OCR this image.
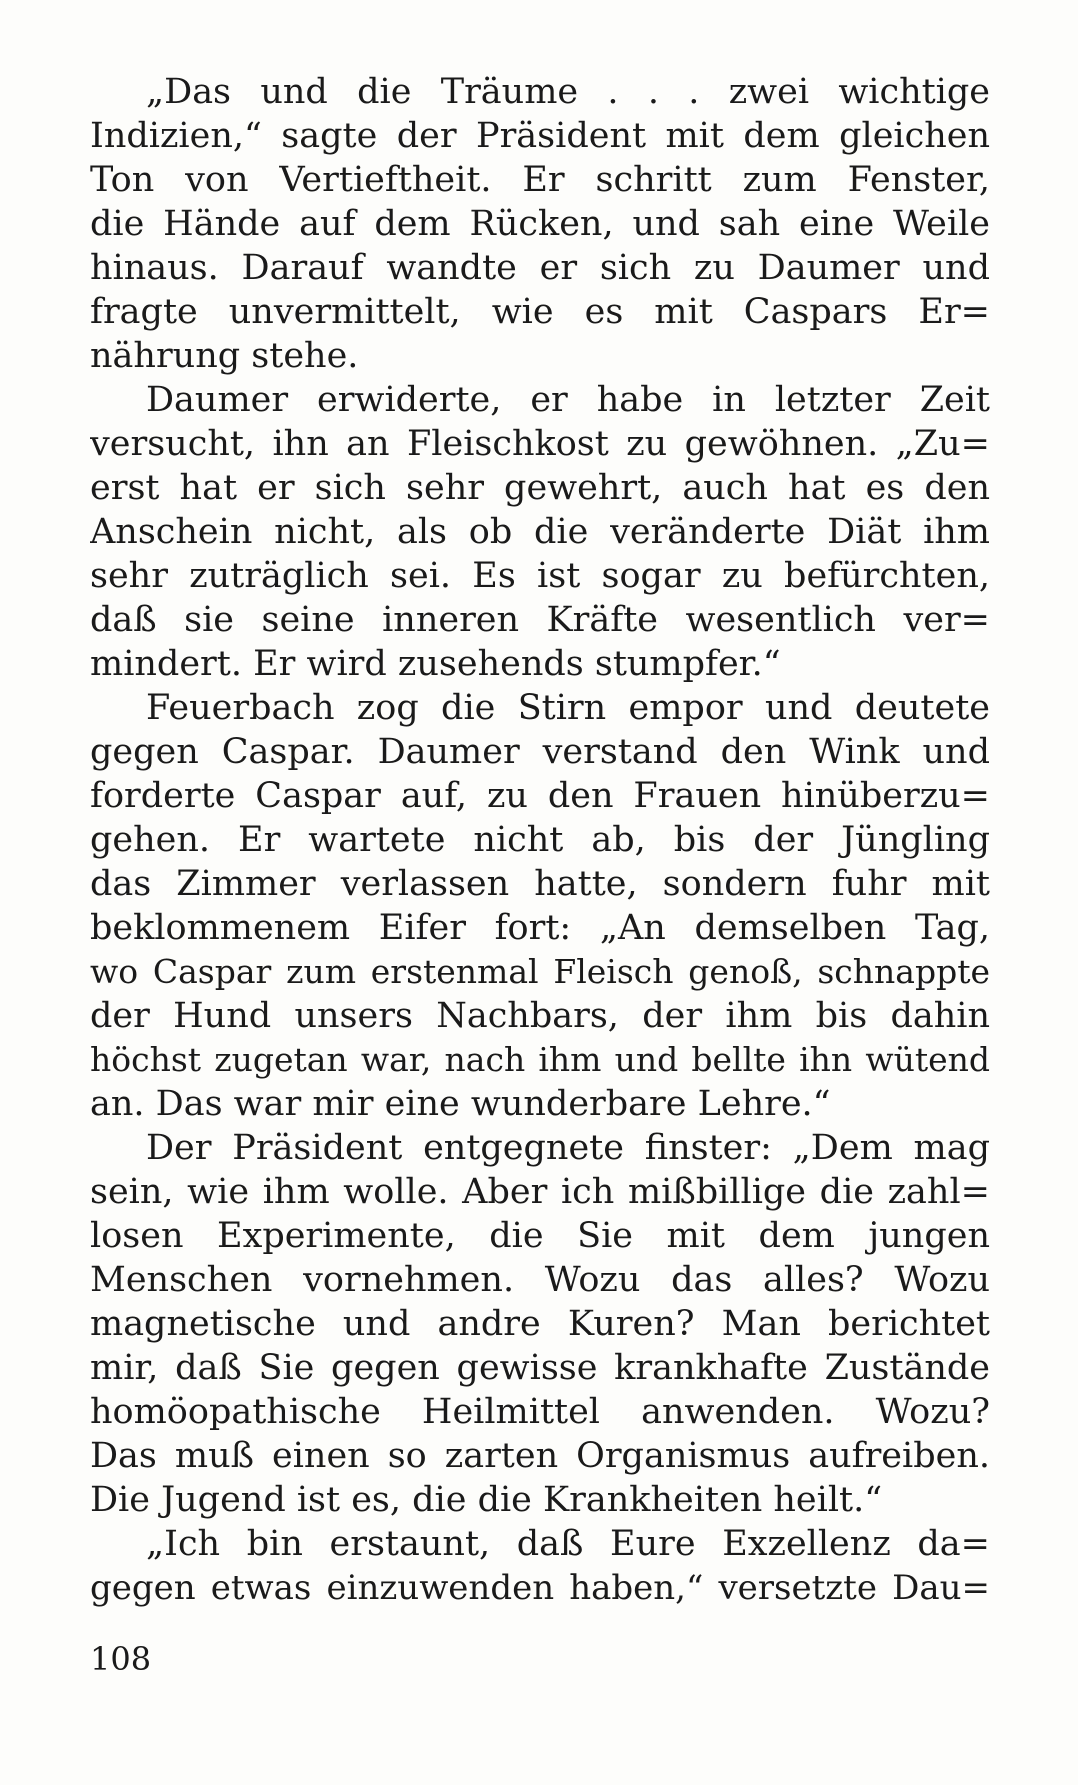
„Das und die Träume . . . zwei wichtige
Indizien,“ sagte der Präsident mit dem gleichen
Ton von Vertieftheit. Er schritt zum Fenster,
die Hände auf dem Rücken, und sah eine Weile
hinaus. Darauf wandte er sich zu Daumer und
fragte unvermittelt, wie es mit Caspars Er=
nährung stehe.
Daumer erwiderte, er habe in letzter Zeit
versucht, ihn an Fleischkost zu gewöhnen. „Zu=
erst hat er sich sehr gewehrt, auch hat es den
Anschein nicht, als ob die veränderte Diät ihm
sehr zuträglich sei. Es ist sogar zu befürchten,
daß sie seine inneren Kräfte wesentlich ver=
mindert. Er wird zusehends stumpfer.“
Feuerbach zog die Stirn empor und deutete
gegen Caspar. Daumer verstand den Wink und
forderte Caspar auf, zu den Frauen hinüberzu=
gehen. Er wartete nicht ab, bis der Jüngling
das Zimmer verlassen hatte, sondern fuhr mit
beklommenem Eifer fort: „An demselben Tag,
wo Caspar zum erstenmal Fleisch genoß, schnappte
der Hund unsers Nachbars, der ihm bis dahin
höchst zugetan war, nach ihm und bellte ihn wütend
an. Das war mir eine wunderbare Lehre.“
Der Präsident entgegnete finster: „Dem mag
sein, wie ihm wolle. Aber ich mißbillige die zahl=
losen Experimente, die Sie mit dem jungen
Menschen vornehmen. Wozu das alles? Wozu
magnetische und andre Kuren? Man berichtet
mir, daß Sie gegen gewisse krankhafte Zustände
homöopathische Heilmittel anwenden. Wozu?
Das muß einen so zarten Organismus aufreiben.
Die Jugend ist es, die die Krankheiten heilt.“
„Ich bin erstaunt, daß Eure Exzellenz da=
gegen etwas einzuwenden haben,“ versetzte Dau=
108
